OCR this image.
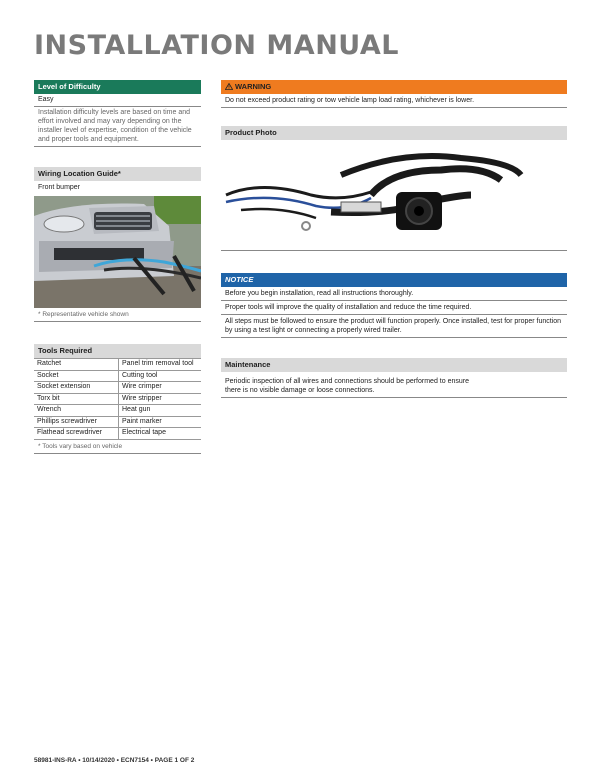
INSTALLATION MANUAL
Level of Difficulty
Easy
Installation difficulty levels are based on time and effort involved and may vary depending on the installer level of expertise, condition of the vehicle and proper tools and equipment.
Wiring Location Guide*
Front bumper
* Representative vehicle shown
Tools Required
Ratchet	Panel trim removal tool
Socket	Cutting tool
Socket extension	Wire crimper
Torx bit	Wire stripper
Wrench	Heat gun
Phillips screwdriver	Paint marker
Flathead screwdriver	Electrical tape
* Tools vary based on vehicle
WARNING
Do not exceed product rating or tow vehicle lamp load rating, whichever is lower.
Product Photo
NOTICE
Before you begin installation, read all instructions thoroughly.
Proper tools will improve the quality of installation and reduce the time required.
All steps must be followed to ensure the product will function properly. Once installed, test for proper function by using a test light or connecting a properly wired trailer.
Maintenance
Periodic inspection of all wires and connections should be performed to ensure there is no visible damage or loose connections.
58981-INS-RA • 10/14/2020 • ECN7154 • PAGE 1 OF 2
